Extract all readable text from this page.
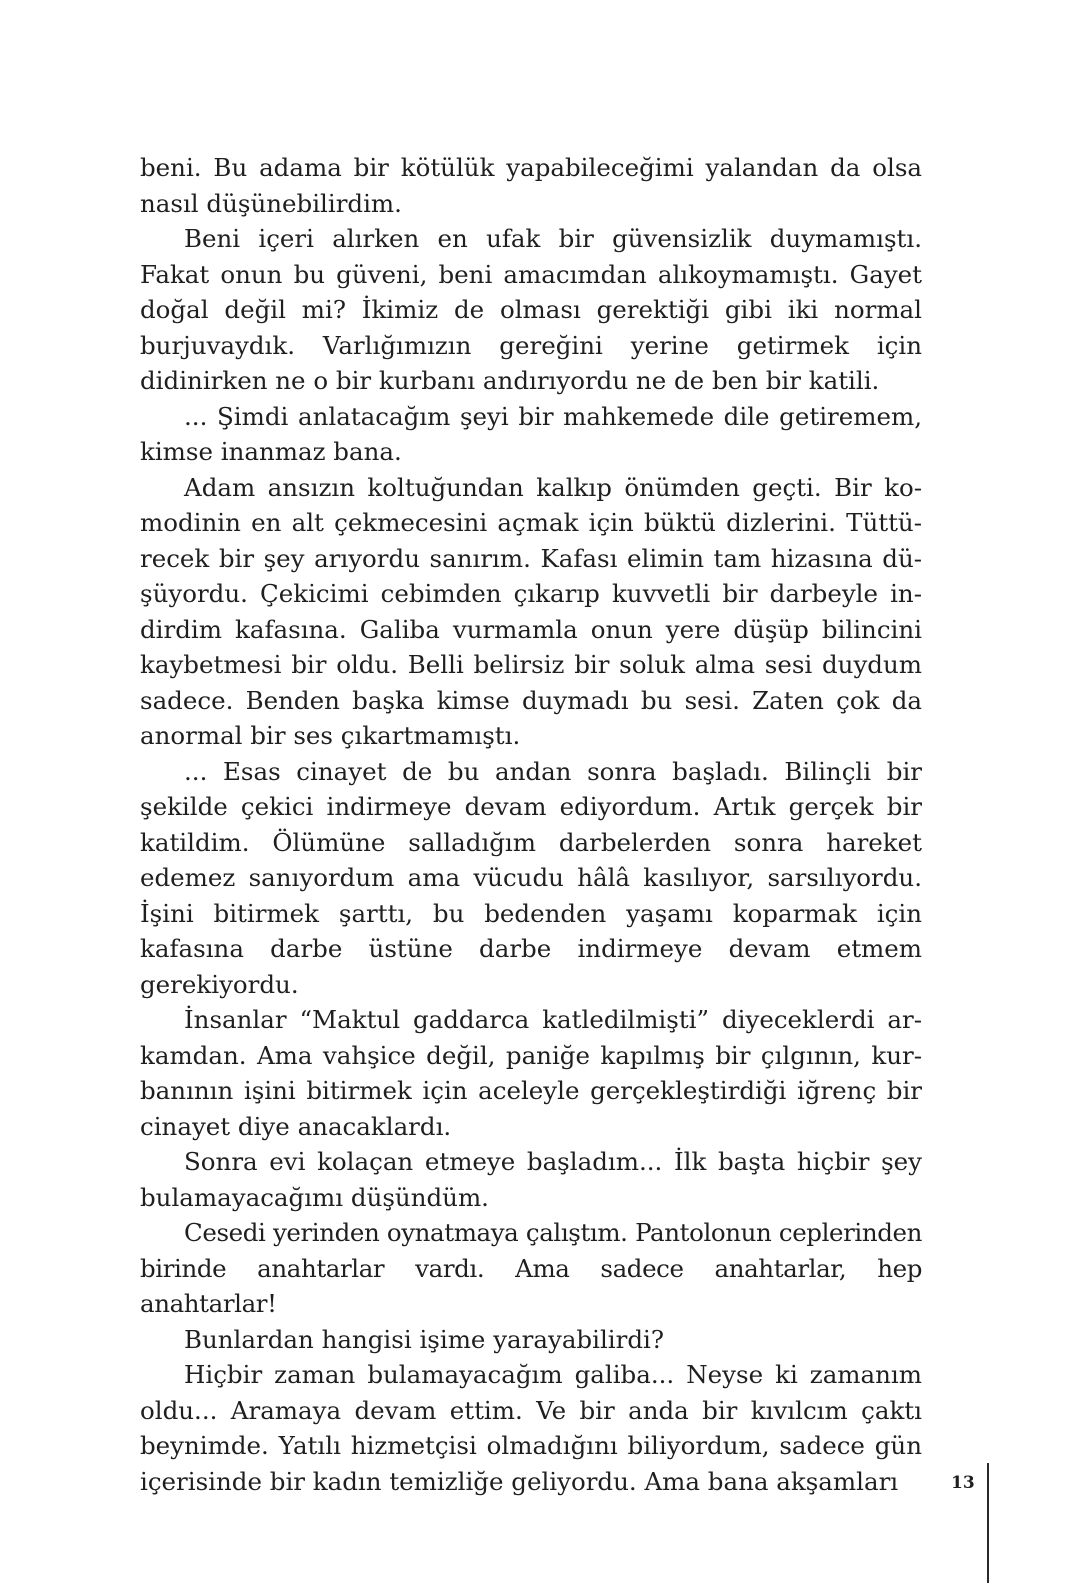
beni. Bu adama bir kötülük yapabileceğimi yalandan da olsa nasıl düşünebilirdim.

Beni içeri alırken en ufak bir güvensizlik duymamıştı. Fakat onun bu güveni, beni amacımdan alıkoymamıştı. Gayet doğal değil mi? İkimiz de olması gerektiği gibi iki normal burjuvaydık. Varlığımızın gereğini yerine getirmek için didinirken ne o bir kurbanı andırıyordu ne de ben bir katili.

... Şimdi anlatacağım şeyi bir mahkemede dile getiremem, kimse inanmaz bana.

Adam ansızın koltuğundan kalkıp önümden geçti. Bir komodinin en alt çekmecesini açmak için büktü dizlerini. Tüttürecek bir şey arıyordu sanırım. Kafası elimin tam hizasına düşüyordu. Çekicimi cebimden çıkarıp kuvvetli bir darbeyle indirdim kafasına. Galiba vurmamla onun yere düşüp bilincini kaybetmesi bir oldu. Belli belirsiz bir soluk alma sesi duydum sadece. Benden başka kimse duymadı bu sesi. Zaten çok da anormal bir ses çıkartmamıştı.

... Esas cinayet de bu andan sonra başladı. Bilinçli bir şekilde çekici indirmeye devam ediyordum. Artık gerçek bir katildim. Ölümüne salladığım darbelerden sonra hareket edemez sanıyordum ama vücudu hâlâ kasılıyor, sarsılıyordu. İşini bitirmek şarttı, bu bedenden yaşamı koparmak için kafasına darbe üstüne darbe indirmeye devam etmem gerekiyordu.

İnsanlar “Maktul gaddarca katledilmişti” diyeceklerdi arkamdan. Ama vahşice değil, paniğe kapılmış bir çılgının, kurbanının işini bitirmek için aceleyle gerçekleştirdiği iğrenç bir cinayet diye anacaklardı.

Sonra evi kolaçan etmeye başladım... İlk başta hiçbir şey bulamayacağımı düşündüm.

Cesedi yerinden oynatmaya çalıştım. Pantolonun ceplerinden birinde anahtarlar vardı. Ama sadece anahtarlar, hep anahtarlar!

Bunlardan hangisi işime yarayabilirdi?

Hiçbir zaman bulamayacağım galiba... Neyse ki zamanım oldu... Aramaya devam ettim. Ve bir anda bir kıvılcım çaktı beynimde. Yatılı hizmetçisi olmadığını biliyordum, sadece gün içerisinde bir kadın temizliğe geliyordu. Ama bana akşamları	13
